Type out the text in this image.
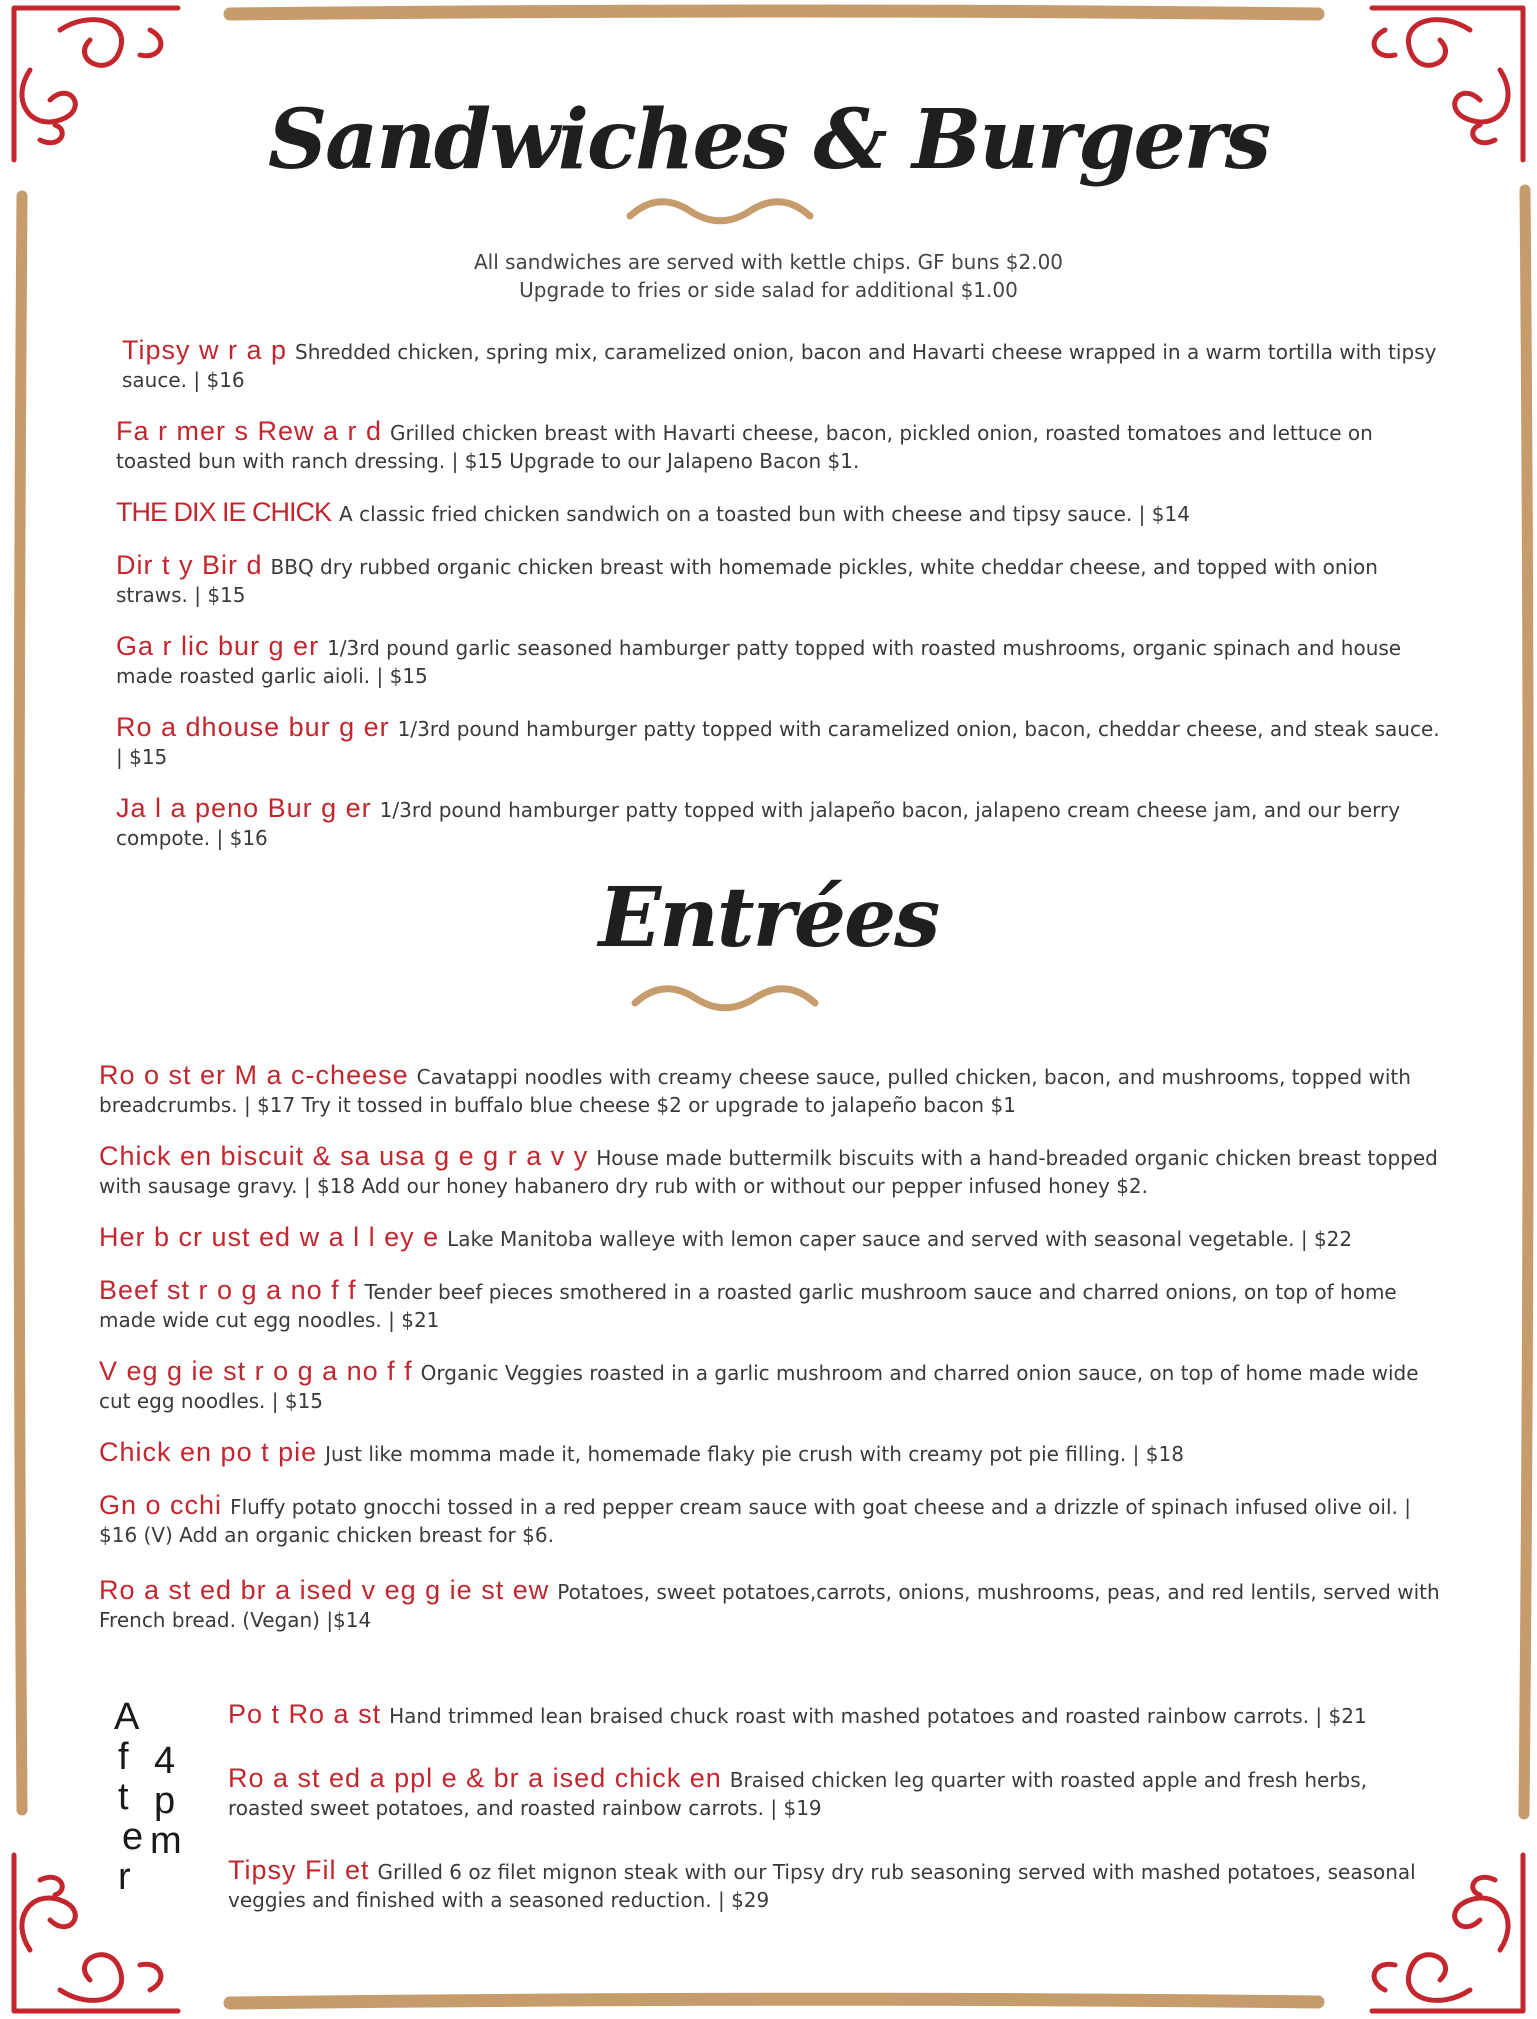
Sandwiches & Burgers
All sandwiches are served with kettle chips. GF buns $2.00
Upgrade to fries or side salad for additional $1.00

Tipsy w r a p Shredded chicken, spring mix, caramelized onion, bacon and Havarti cheese wrapped in a warm tortilla with tipsy sauce. | $16

Fa r mer s Rew a r d Grilled chicken breast with Havarti cheese, bacon, pickled onion, roasted tomatoes and lettuce on toasted bun with ranch dressing. | $15 Upgrade to our Jalapeno Bacon $1.

THE DIX IE CHICK A classic fried chicken sandwich on a toasted bun with cheese and tipsy sauce. | $14

Dir t y Bir d BBQ dry rubbed organic chicken breast with homemade pickles, white cheddar cheese, and topped with onion straws. | $15

Ga r lic bur g er 1/3rd pound garlic seasoned hamburger patty topped with roasted mushrooms, organic spinach and house made roasted garlic aioli. | $15

Ro a dhouse bur g er 1/3rd pound hamburger patty topped with caramelized onion, bacon, cheddar cheese, and steak sauce. | $15

Ja l a peno Bur g er 1/3rd pound hamburger patty topped with jalapeño bacon, jalapeno cream cheese jam, and our berry compote. | $16

Entrées

Ro o st er M a c-cheese Cavatappi noodles with creamy cheese sauce, pulled chicken, bacon, and mushrooms, topped with breadcrumbs. | $17 Try it tossed in buffalo blue cheese $2 or upgrade to jalapeño bacon $1

Chick en biscuit & sa usa g e g r a v y House made buttermilk biscuits with a hand-breaded organic chicken breast topped with sausage gravy. | $18 Add our honey habanero dry rub with or without our pepper infused honey $2.

Her b cr ust ed w a l l ey e Lake Manitoba walleye with lemon caper sauce and served with seasonal vegetable. | $22

Beef st r o g a no f f Tender beef pieces smothered in a roasted garlic mushroom sauce and charred onions, on top of home made wide cut egg noodles. | $21

V eg g ie st r o g a no f f Organic Veggies roasted in a garlic mushroom and charred onion sauce, on top of home made wide cut egg noodles. | $15

Chick en po t pie Just like momma made it, homemade flaky pie crush with creamy pot pie filling. | $18

Gn o cchi Fluffy potato gnocchi tossed in a red pepper cream sauce with goat cheese and a drizzle of spinach infused olive oil. | $16 (V) Add an organic chicken breast for $6.

Ro a st ed br a ised v eg g ie st ew Potatoes, sweet potatoes,carrots, onions, mushrooms, peas, and red lentils, served with French bread. (Vegan) |$14

A
f
t
e
r
4
p
m

Po t Ro a st Hand trimmed lean braised chuck roast with mashed potatoes and roasted rainbow carrots. | $21

Ro a st ed a ppl e & br a ised chick en Braised chicken leg quarter with roasted apple and fresh herbs, roasted sweet potatoes, and roasted rainbow carrots. | $19

Tipsy Fil et Grilled 6 oz filet mignon steak with our Tipsy dry rub seasoning served with mashed potatoes, seasonal veggies and finished with a seasoned reduction. | $29
